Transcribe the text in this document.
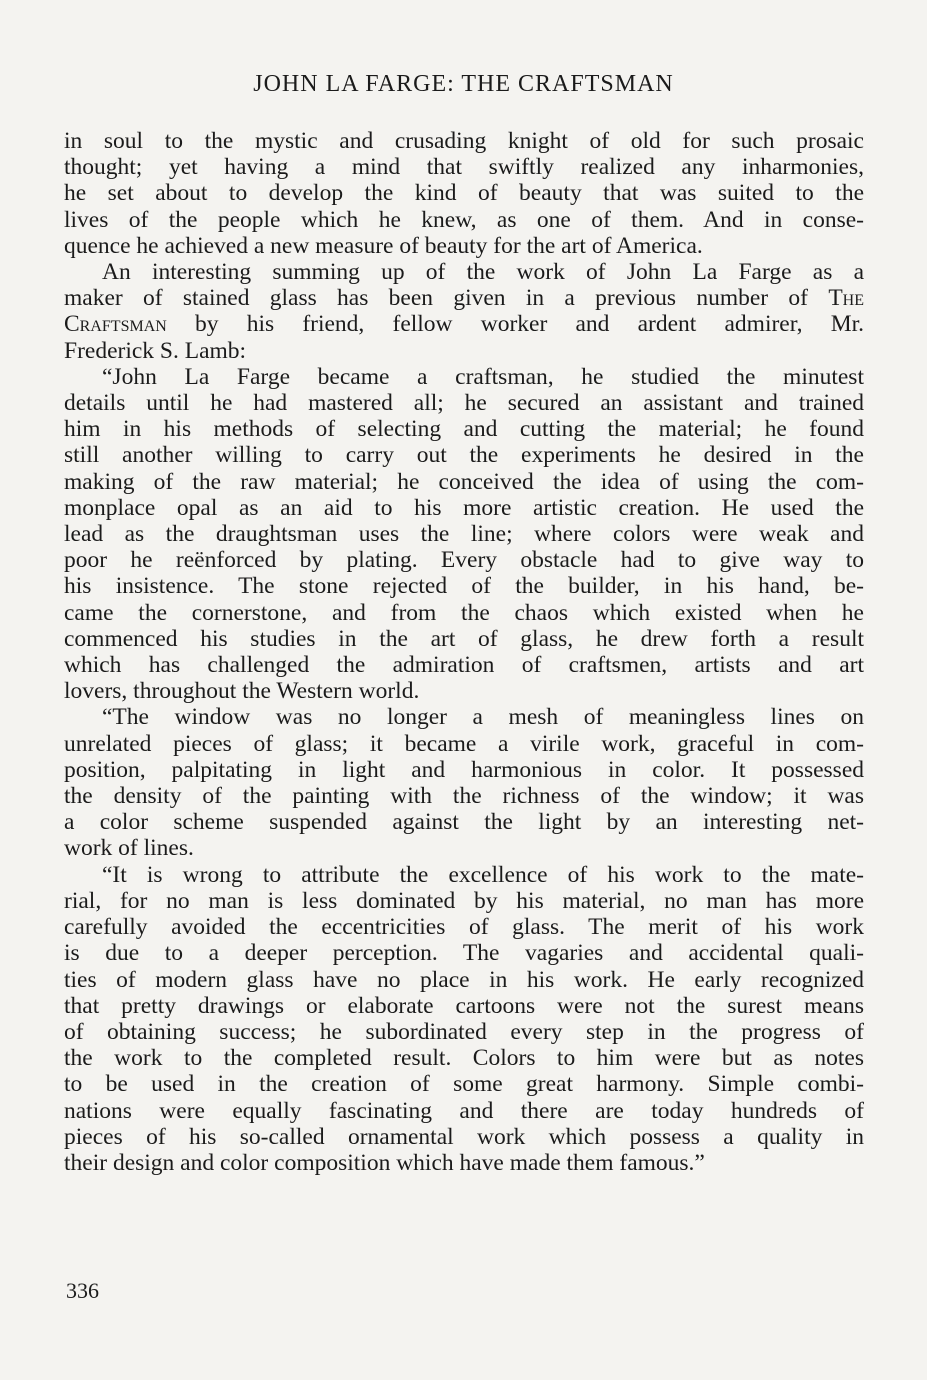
JOHN LA FARGE: THE CRAFTSMAN
in soul to the mystic and crusading knight of old for such prosaic
thought; yet having a mind that swiftly realized any inharmonies,
he set about to develop the kind of beauty that was suited to the
lives of the people which he knew, as one of them. And in conse-
quence he achieved a new measure of beauty for the art of America.
An interesting summing up of the work of John La Farge as a
maker of stained glass has been given in a previous number of The
Craftsman by his friend, fellow worker and ardent admirer, Mr.
Frederick S. Lamb:
“John La Farge became a craftsman, he studied the minutest
details until he had mastered all; he secured an assistant and trained
him in his methods of selecting and cutting the material; he found
still another willing to carry out the experiments he desired in the
making of the raw material; he conceived the idea of using the com-
monplace opal as an aid to his more artistic creation. He used the
lead as the draughtsman uses the line; where colors were weak and
poor he reënforced by plating. Every obstacle had to give way to
his insistence. The stone rejected of the builder, in his hand, be-
came the cornerstone, and from the chaos which existed when he
commenced his studies in the art of glass, he drew forth a result
which has challenged the admiration of craftsmen, artists and art
lovers, throughout the Western world.
“The window was no longer a mesh of meaningless lines on
unrelated pieces of glass; it became a virile work, graceful in com-
position, palpitating in light and harmonious in color. It possessed
the density of the painting with the richness of the window; it was
a color scheme suspended against the light by an interesting net-
work of lines.
“It is wrong to attribute the excellence of his work to the mate-
rial, for no man is less dominated by his material, no man has more
carefully avoided the eccentricities of glass. The merit of his work
is due to a deeper perception. The vagaries and accidental quali-
ties of modern glass have no place in his work. He early recognized
that pretty drawings or elaborate cartoons were not the surest means
of obtaining success; he subordinated every step in the progress of
the work to the completed result. Colors to him were but as notes
to be used in the creation of some great harmony. Simple combi-
nations were equally fascinating and there are today hundreds of
pieces of his so-called ornamental work which possess a quality in
their design and color composition which have made them famous.”
336
